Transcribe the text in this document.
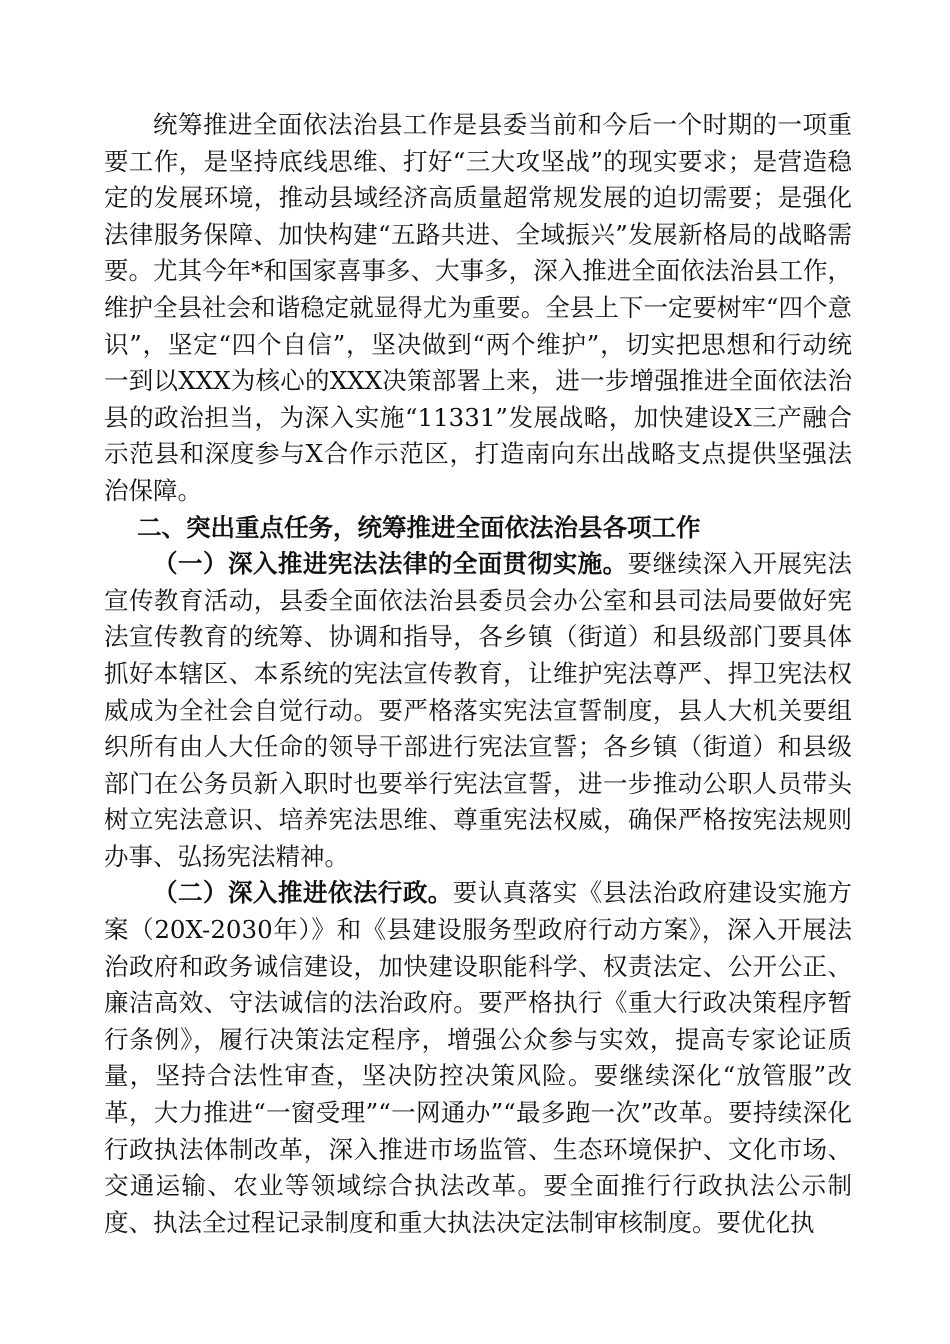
统筹推进全面依法治县工作是县委当前和今后一个时期的一项重要工作，是坚持底线思维、打好“三大攻坚战”的现实要求；是营造稳定的发展环境，推动县域经济高质量超常规发展的迫切需要；是强化法律服务保障、加快构建“五路共进、全域振兴”发展新格局的战略需要。尤其今年*和国家喜事多、大事多，深入推进全面依法治县工作，维护全县社会和谐稳定就显得尤为重要。全县上下一定要树牢“四个意识”，坚定“四个自信”，坚决做到“两个维护”，切实把思想和行动统一到以XXX为核心的XXX决策部署上来，进一步增强推进全面依法治县的政治担当，为深入实施“11331”发展战略，加快建设X三产融合示范县和深度参与X合作示范区，打造南向东出战略支点提供坚强法治保障。

二、突出重点任务，统筹推进全面依法治县各项工作

（一）深入推进宪法法律的全面贯彻实施。要继续深入开展宪法宣传教育活动，县委全面依法治县委员会办公室和县司法局要做好宪法宣传教育的统筹、协调和指导，各乡镇（街道）和县级部门要具体抓好本辖区、本系统的宪法宣传教育，让维护宪法尊严、捍卫宪法权威成为全社会自觉行动。要严格落实宪法宣誓制度，县人大机关要组织所有由人大任命的领导干部进行宪法宣誓；各乡镇（街道）和县级部门在公务员新入职时也要举行宪法宣誓，进一步推动公职人员带头树立宪法意识、培养宪法思维、尊重宪法权威，确保严格按宪法规则办事、弘扬宪法精神。

（二）深入推进依法行政。要认真落实《县法治政府建设实施方案（20X-2030年）》和《县建设服务型政府行动方案》，深入开展法治政府和政务诚信建设，加快建设职能科学、权责法定、公开公正、廉洁高效、守法诚信的法治政府。要严格执行《重大行政决策程序暂行条例》，履行决策法定程序，增强公众参与实效，提高专家论证质量，坚持合法性审查，坚决防控决策风险。要继续深化“放管服”改革，大力推进“一窗受理”“一网通办”“最多跑一次”改革。要持续深化行政执法体制改革，深入推进市场监管、生态环境保护、文化市场、交通运输、农业等领域综合执法改革。要全面推行行政执法公示制度、执法全过程记录制度和重大执法决定法制审核制度。要优化执
